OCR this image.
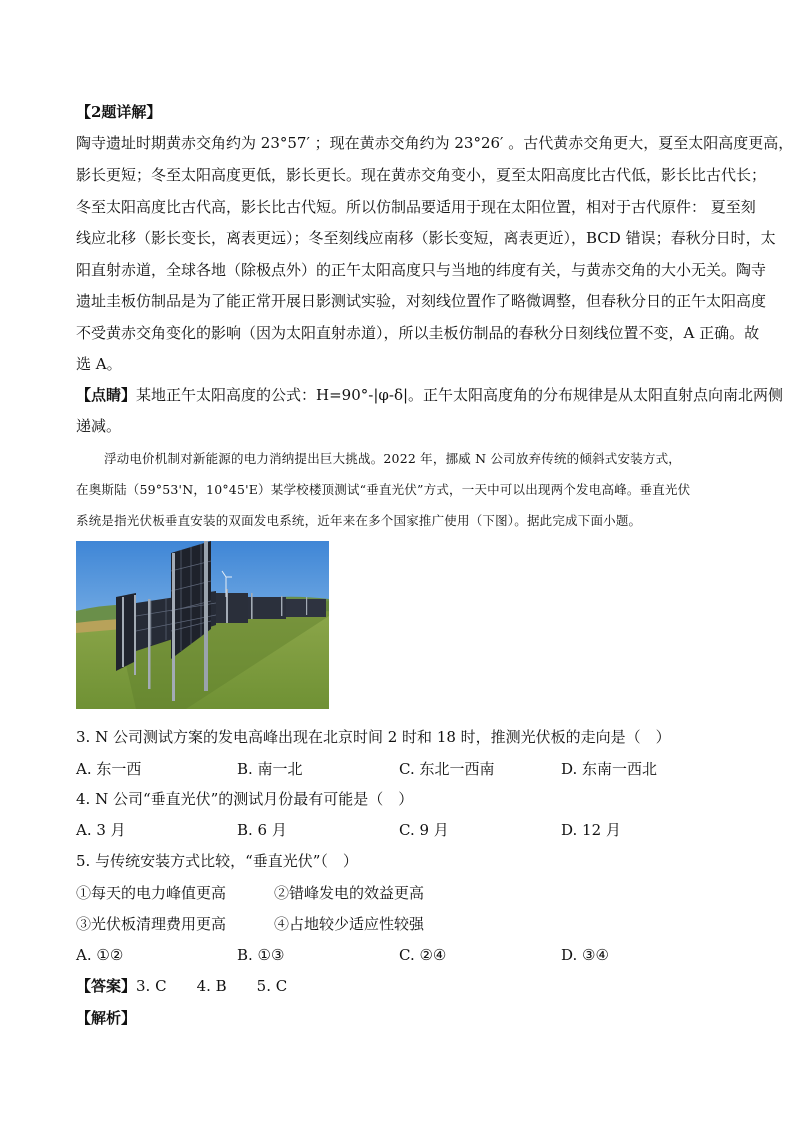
【2题详解】
陶寺遗址时期黄赤交角约为 23°57′ ；现在黄赤交角约为 23°26′ 。古代黄赤交角更大，夏至太阳高度更高，
影长更短；冬至太阳高度更低，影长更长。现在黄赤交角变小，夏至太阳高度比古代低，影长比古代长；
冬至太阳高度比古代高，影长比古代短。所以仿制品要适用于现在太阳位置，相对于古代原件： 夏至刻
线应北移（影长变长，离表更远）；冬至刻线应南移（影长变短，离表更近），BCD 错误；春秋分日时，太
阳直射赤道，全球各地（除极点外）的正午太阳高度只与当地的纬度有关，与黄赤交角的大小无关。陶寺
遗址圭板仿制品是为了能正常开展日影测试实验，对刻线位置作了略微调整，但春秋分日的正午太阳高度
不受黄赤交角变化的影响（因为太阳直射赤道），所以圭板仿制品的春秋分日刻线位置不变，A 正确。故
选 A。
【点睛】某地正午太阳高度的公式：H=90°-|φ-δ|。正午太阳高度角的分布规律是从太阳直射点向南北两侧
递减。
浮动电价机制对新能源的电力消纳提出巨大挑战。2022 年，挪威 N 公司放弃传统的倾斜式安装方式，
在奥斯陆（59°53'N，10°45'E）某学校楼顶测试“垂直光伏”方式，一天中可以出现两个发电高峰。垂直光伏
系统是指光伏板垂直安装的双面发电系统，近年来在多个国家推广使用（下图）。据此完成下面小题。
3. N 公司测试方案的发电高峰出现在北京时间 2 时和 18 时，推测光伏板的走向是（　）
A. 东一西	B. 南一北	C. 东北一西南	D. 东南一西北
4. N 公司“垂直光伏”的测试月份最有可能是（　）
A. 3 月	B. 6 月	C. 9 月	D. 12 月
5. 与传统安装方式比较，“垂直光伏”（　）
①每天的电力峰值更高	②错峰发电的效益更高
③光伏板清理费用更高	④占地较少适应性较强
A. ①②	B. ①③	C. ②④	D. ③④
【答案】3. C　　4. B　　5. C
【解析】
